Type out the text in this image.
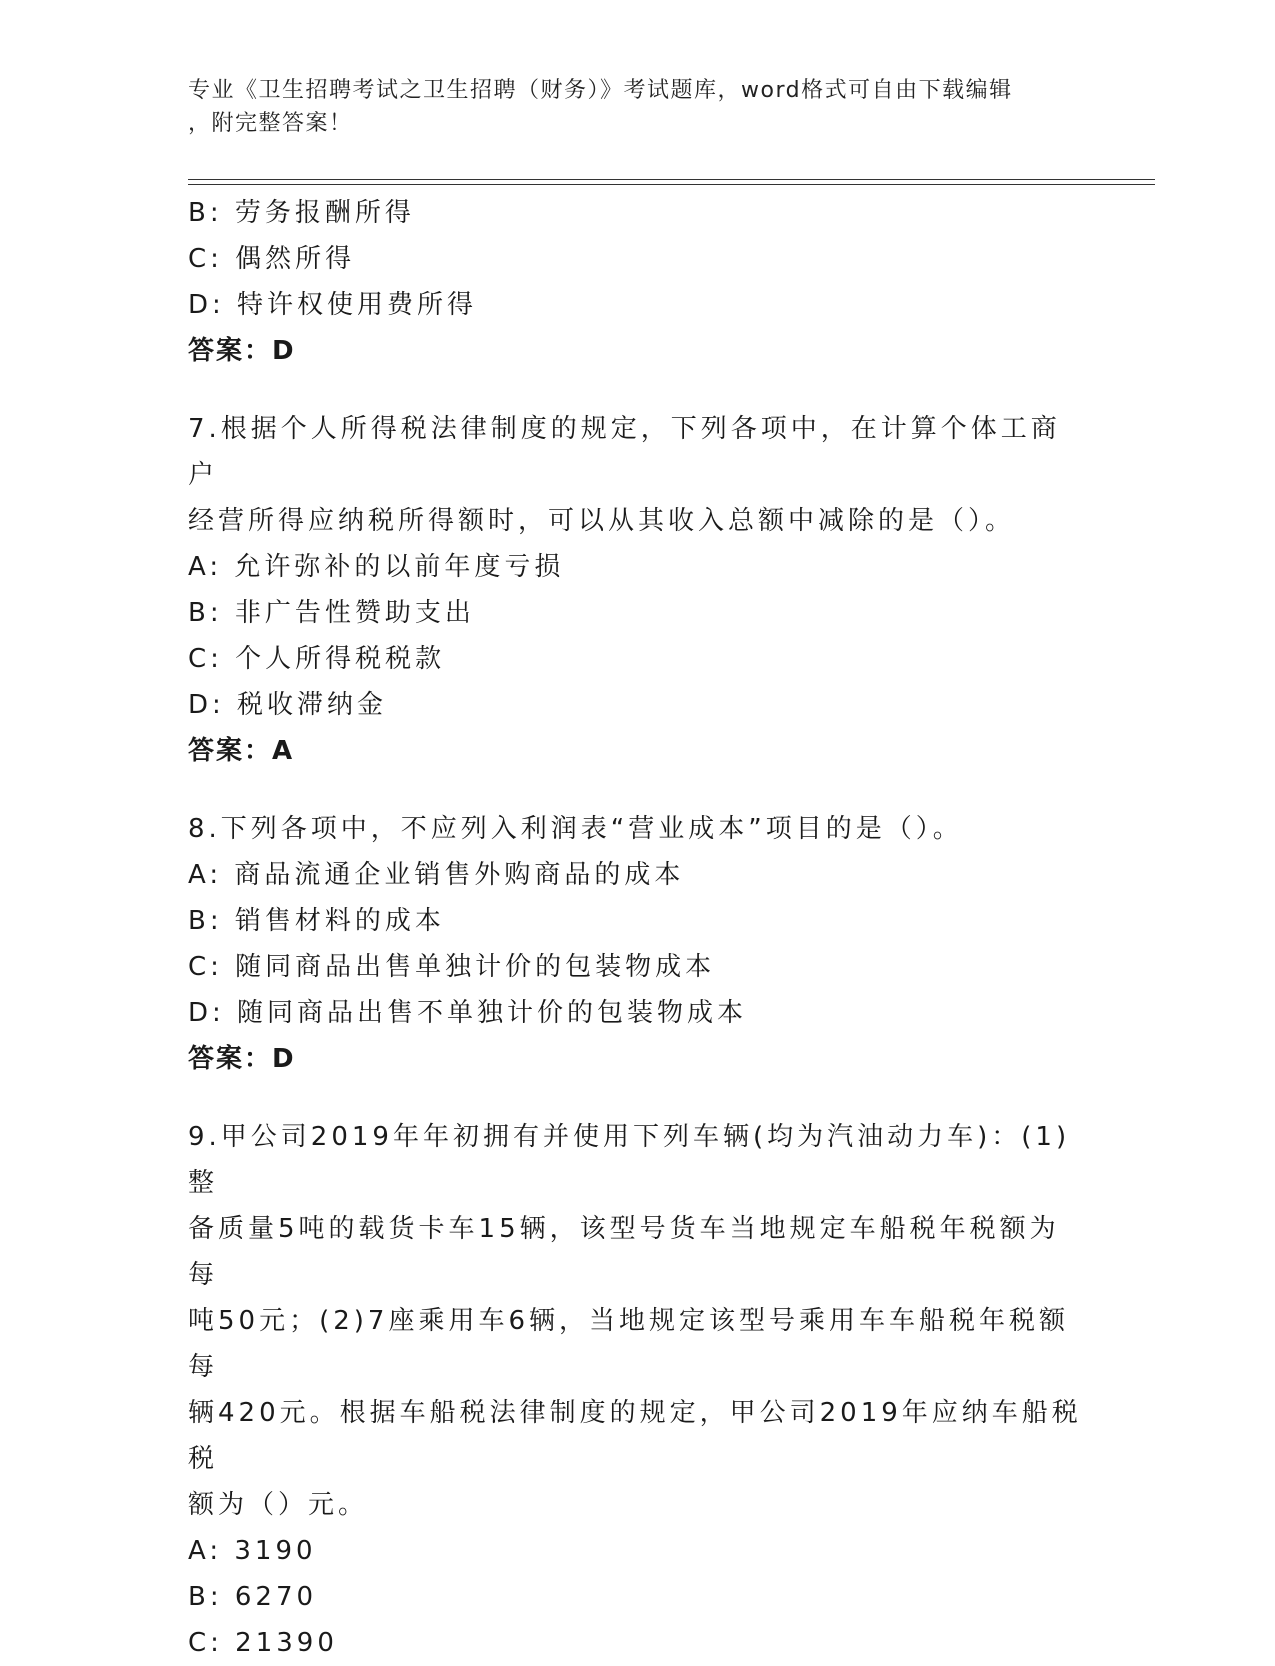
专业《卫生招聘考试之卫生招聘（财务）》考试题库，word格式可自由下载编辑
，附完整答案！
B: 劳务报酬所得
C: 偶然所得
D: 特许权使用费所得
答案：D
7.根据个人所得税法律制度的规定，下列各项中，在计算个体工商户
经营所得应纳税所得额时，可以从其收入总额中减除的是（）。
A: 允许弥补的以前年度亏损
B: 非广告性赞助支出
C: 个人所得税税款
D: 税收滞纳金
答案：A
8.下列各项中，不应列入利润表“营业成本”项目的是（）。
A: 商品流通企业销售外购商品的成本
B: 销售材料的成本
C: 随同商品出售单独计价的包装物成本
D: 随同商品出售不单独计价的包装物成本
答案：D
9.甲公司2019年年初拥有并使用下列车辆(均为汽油动力车)：(1)整
备质量5吨的载货卡车15辆，该型号货车当地规定车船税年税额为每
吨50元；(2)7座乘用车6辆，当地规定该型号乘用车车船税年税额每
辆420元。根据车船税法律制度的规定，甲公司2019年应纳车船税税
额为（）元。
A: 3190
B: 6270
C: 21390
